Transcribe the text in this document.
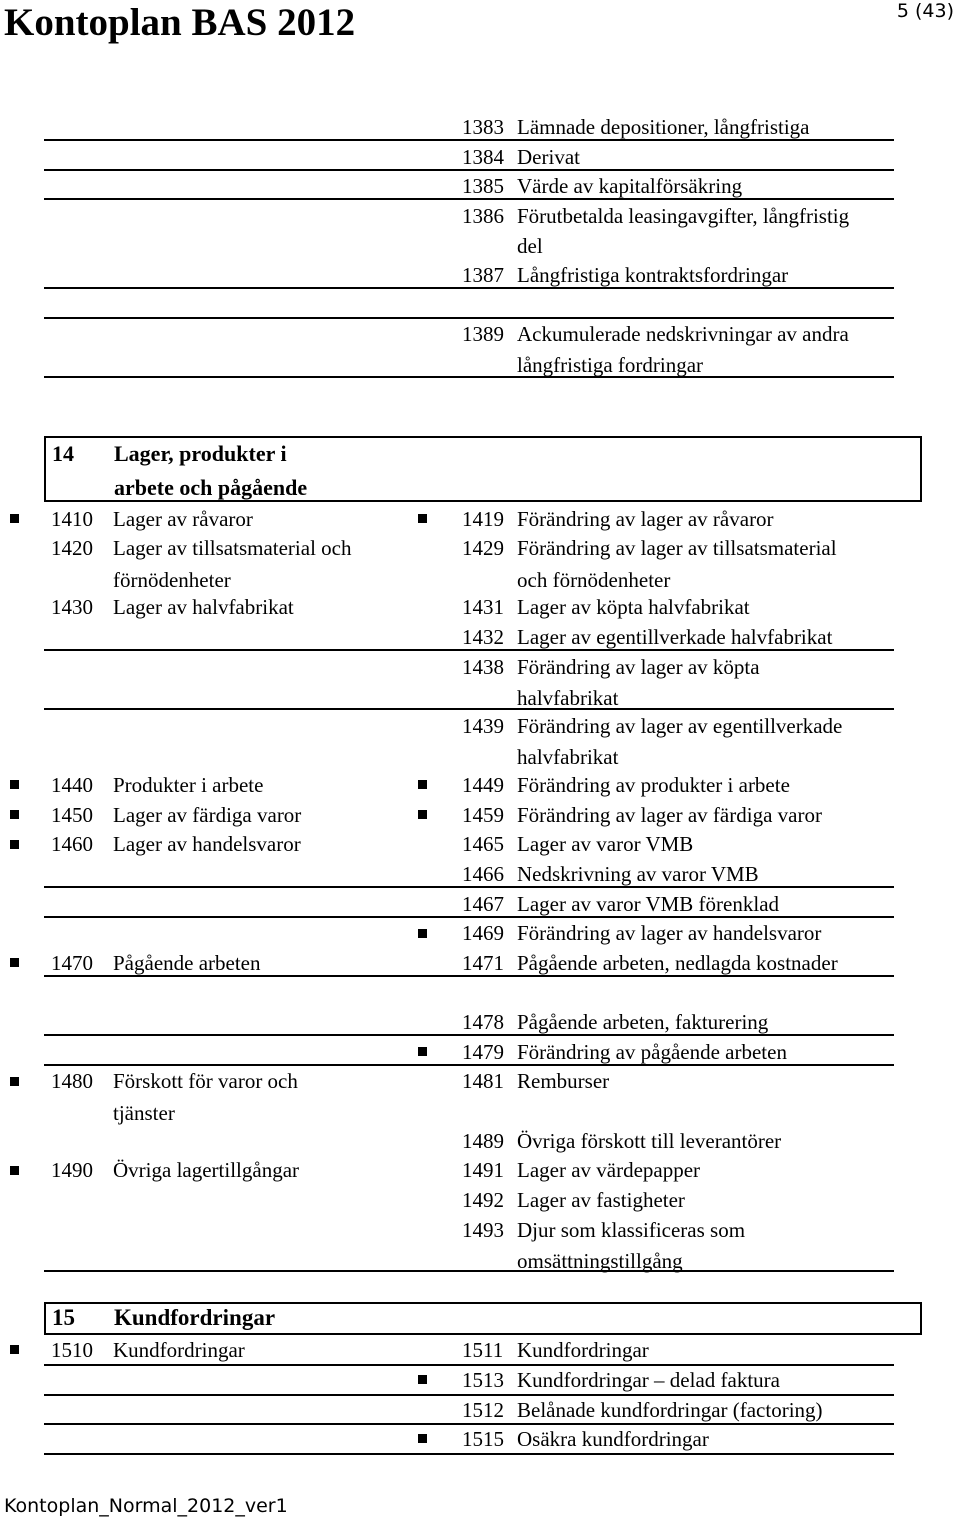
Kontoplan BAS 2012	5 (43)
1383 Lämnade depositioner, långfristiga
1384 Derivat
1385 Värde av kapitalförsäkring
1386 Förutbetalda leasingavgifter, långfristig
del
1387 Långfristiga kontraktsfordringar
1389 Ackumulerade nedskrivningar av andra
långfristiga fordringar
14 Lager, produkter i
arbete och pågående
1410 Lager av råvaror
1420 Lager av tillsatsmaterial och
förnödenheter
1430 Lager av halvfabrikat
1440 Produkter i arbete
1450 Lager av färdiga varor
1460 Lager av handelsvaror
1470 Pågående arbeten
1480 Förskott för varor och
tjänster
1490 Övriga lagertillgångar
1419 Förändring av lager av råvaror
1429 Förändring av lager av tillsatsmaterial
och förnödenheter
1431 Lager av köpta halvfabrikat
1432 Lager av egentillverkade halvfabrikat
1438 Förändring av lager av köpta
halvfabrikat
1439 Förändring av lager av egentillverkade
halvfabrikat
1449 Förändring av produkter i arbete
1459 Förändring av lager av färdiga varor
1465 Lager av varor VMB
1466 Nedskrivning av varor VMB
1467 Lager av varor VMB förenklad
1469 Förändring av lager av handelsvaror
1471 Pågående arbeten, nedlagda kostnader
1478 Pågående arbeten, fakturering
1479 Förändring av pågående arbeten
1481 Remburser
1489 Övriga förskott till leverantörer
1491 Lager av värdepapper
1492 Lager av fastigheter
1493 Djur som klassificeras som
omsättningstillgång
15 Kundfordringar
1510 Kundfordringar	1511 Kundfordringar
1513 Kundfordringar – delad faktura
1512 Belånade kundfordringar (factoring)
1515 Osäkra kundfordringar
Kontoplan_Normal_2012_ver1
